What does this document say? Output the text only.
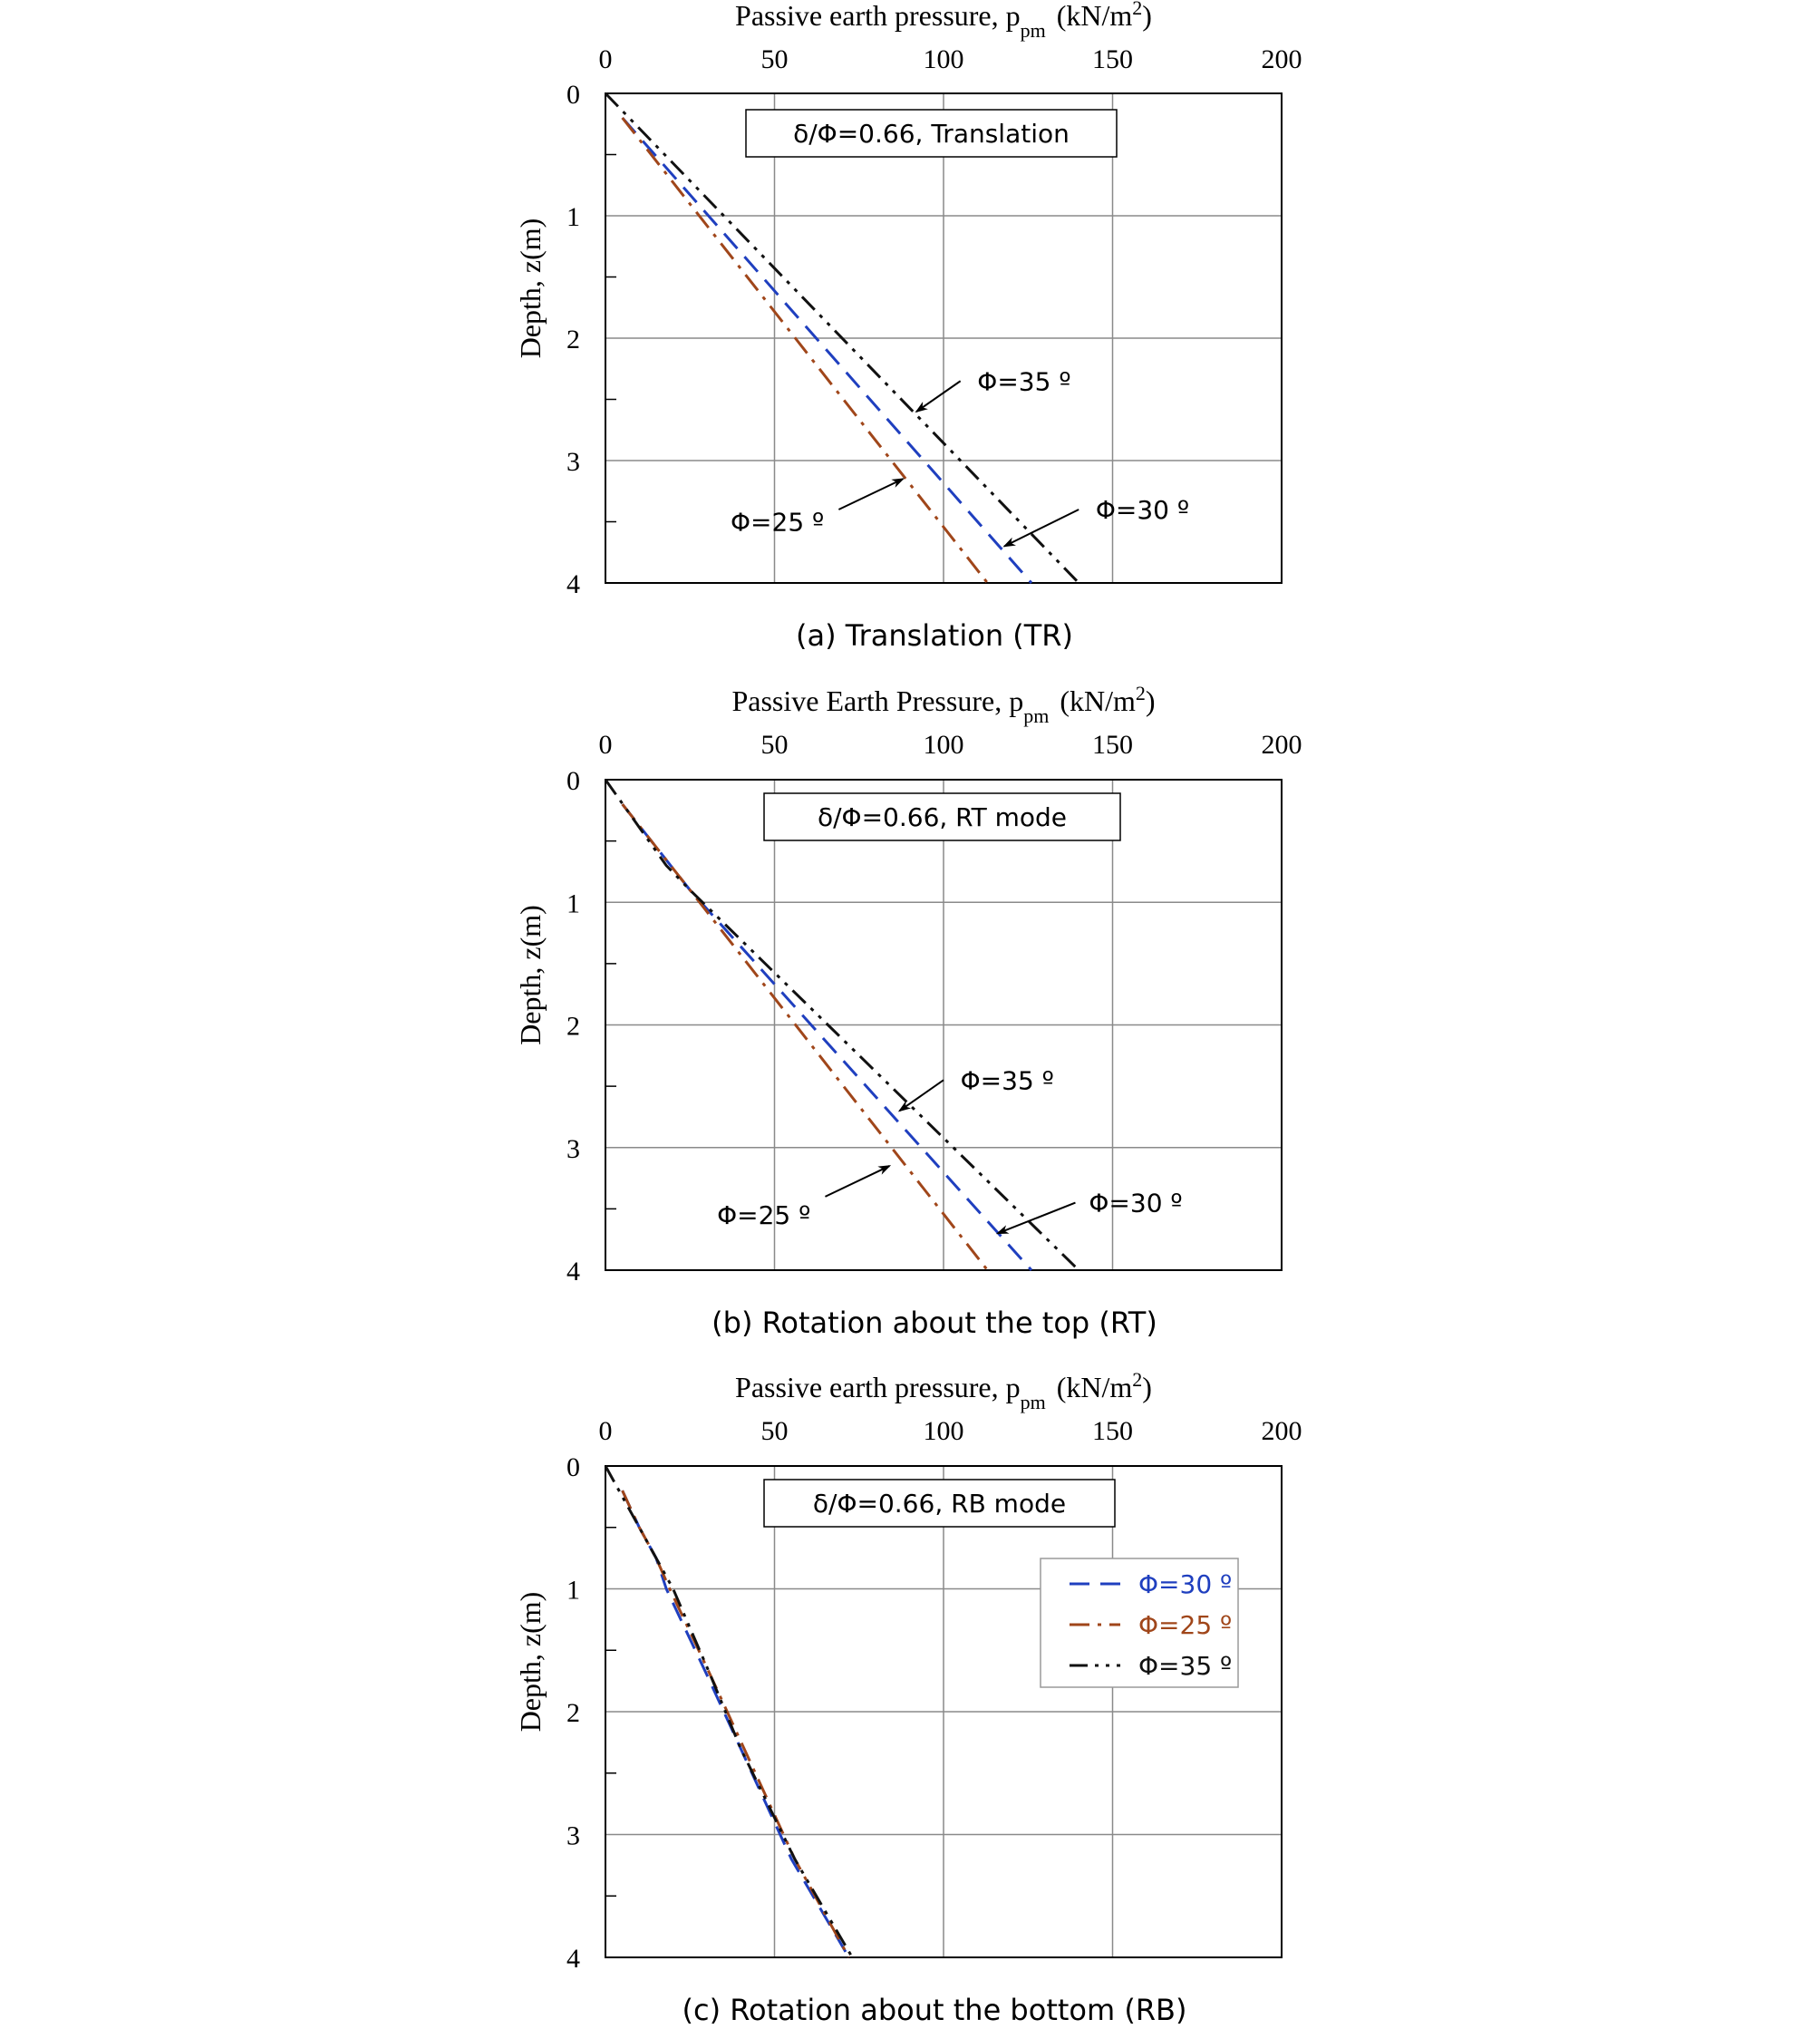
0	50	100	150	200
0
1
2
3
4
Passive earth pressure, $p_{pm}$ $(kN/m^2)$
Depth, z(m)
δ/Φ=0.66, Translation
Φ=35 º
Φ=30 º
Φ=25 º
(a) Translation (TR)
0	50	100	150	200
0
1
2
3
4
Passive Earth Pressure, $p_{pm}$ $(kN/m^2)$
Depth, z(m)
δ/Φ=0.66, RT mode
Φ=35 º
Φ=30 º
Φ=25 º
(b) Rotation about the top (RT)
0	50	100	150	200
0
1
2
3
4
Passive earth pressure, $p_{pm}$ $(kN/m^2)$
Depth, z(m)
δ/Φ=0.66, RB mode
Φ=30 º
Φ=25 º
Φ=35 º
(c) Rotation about the bottom (RB)
